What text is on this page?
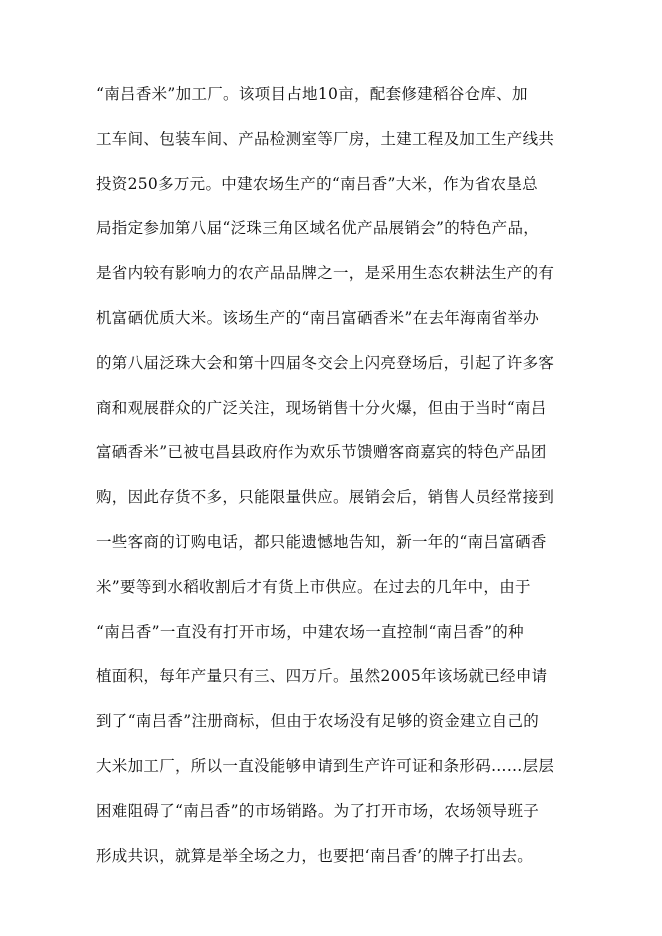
“南吕香米”加工厂。该项目占地10亩，配套修建稻谷仓库、加
工车间、包装车间、产品检测室等厂房，土建工程及加工生产线共
投资250多万元。中建农场生产的“南吕香”大米，作为省农垦总
局指定参加第八届“泛珠三角区域名优产品展销会”的特色产品，
是省内较有影响力的农产品品牌之一，是采用生态农耕法生产的有
机富硒优质大米。该场生产的“南吕富硒香米”在去年海南省举办
的第八届泛珠大会和第十四届冬交会上闪亮登场后，引起了许多客
商和观展群众的广泛关注，现场销售十分火爆，但由于当时“南吕
富硒香米”已被屯昌县政府作为欢乐节馈赠客商嘉宾的特色产品团
购，因此存货不多，只能限量供应。展销会后，销售人员经常接到
一些客商的订购电话，都只能遗憾地告知，新一年的“南吕富硒香
米”要等到水稻收割后才有货上市供应。在过去的几年中，由于
“南吕香”一直没有打开市场，中建农场一直控制“南吕香”的种
植面积，每年产量只有三、四万斤。虽然2005年该场就已经申请
到了“南吕香”注册商标，但由于农场没有足够的资金建立自己的
大米加工厂，所以一直没能够申请到生产许可证和条形码……层层
困难阻碍了“南吕香”的市场销路。为了打开市场，农场领导班子
形成共识，就算是举全场之力，也要把‘南吕香’的牌子打出去。
